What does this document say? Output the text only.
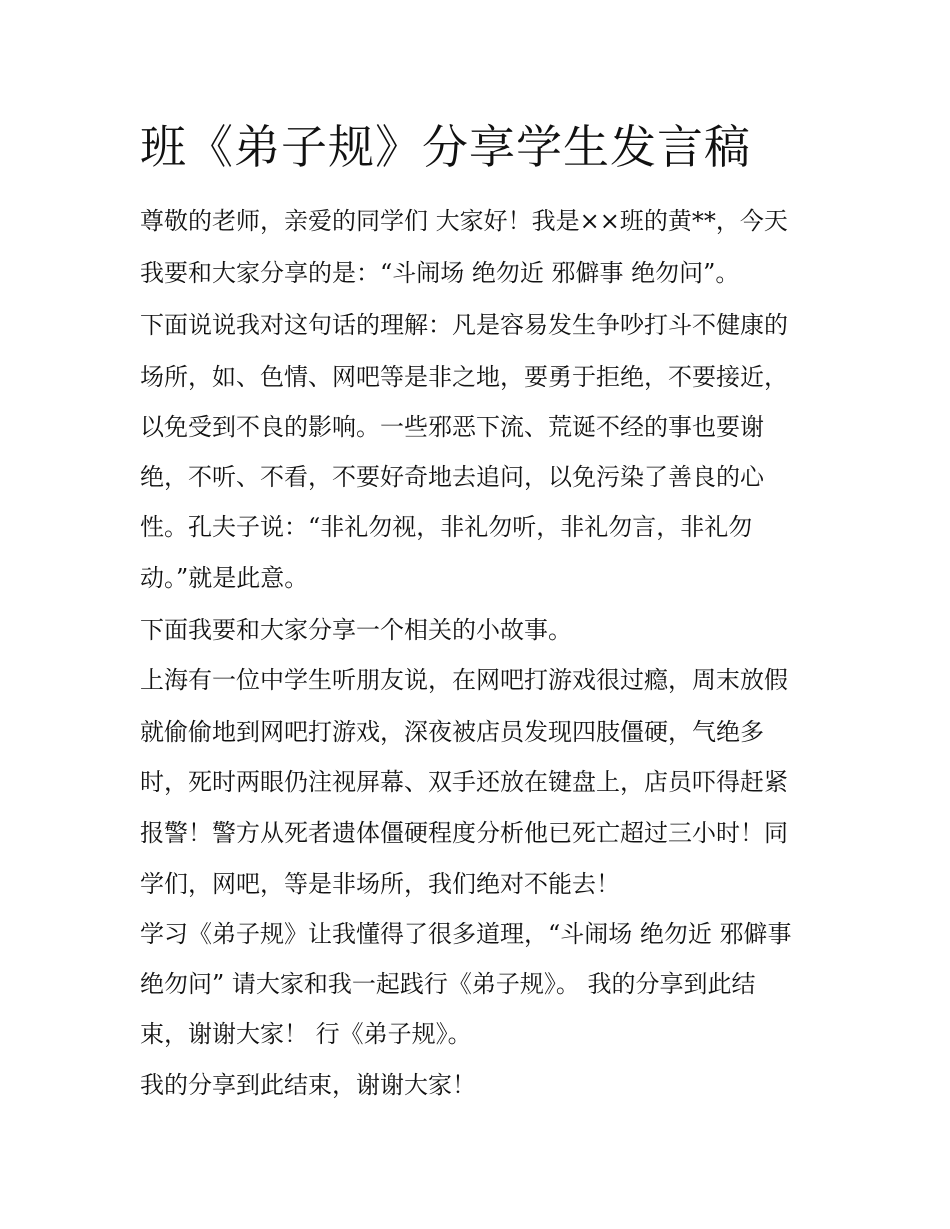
班《弟子规》分享学生发言稿
尊敬的老师，亲爱的同学们 大家好！我是××班的黄**，今天
我要和大家分享的是：“斗闹场 绝勿近 邪僻事 绝勿问”。
下面说说我对这句话的理解：凡是容易发生争吵打斗不健康的
场所，如、色情、网吧等是非之地，要勇于拒绝，不要接近，
以免受到不良的影响。一些邪恶下流、荒诞不经的事也要谢
绝，不听、不看，不要好奇地去追问，以免污染了善良的心
性。孔夫子说：“非礼勿视，非礼勿听，非礼勿言，非礼勿
动。”就是此意。
下面我要和大家分享一个相关的小故事。
上海有一位中学生听朋友说，在网吧打游戏很过瘾，周末放假
就偷偷地到网吧打游戏，深夜被店员发现四肢僵硬，气绝多
时，死时两眼仍注视屏幕、双手还放在键盘上，店员吓得赶紧
报警！警方从死者遗体僵硬程度分析他已死亡超过三小时！同
学们，网吧，等是非场所，我们绝对不能去！
学习《弟子规》让我懂得了很多道理，“斗闹场 绝勿近 邪僻事
绝勿问” 请大家和我一起践行《弟子规》。 我的分享到此结
束，谢谢大家！ 行《弟子规》。
我的分享到此结束，谢谢大家！
